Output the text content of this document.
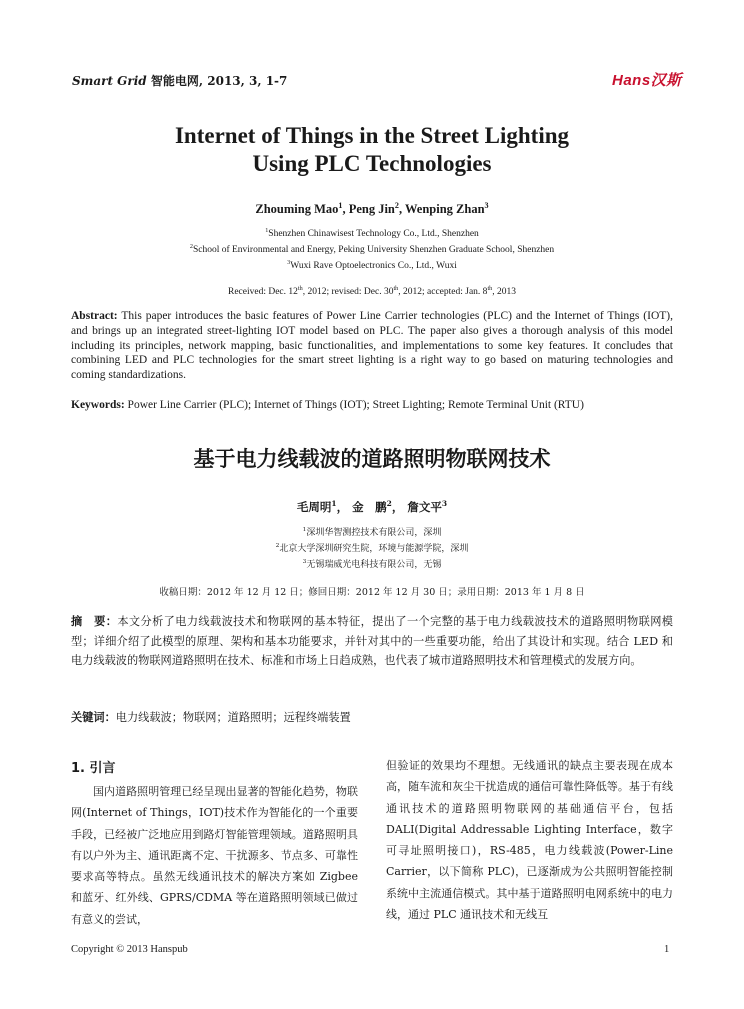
Smart Grid 智能电网, 2013, 3, 1-7	Hans汉斯
Internet of Things in the Street Lighting
Using PLC Technologies
Zhouming Mao$^1$, Peng Jin$^2$, Wenping Zhan$^3$
$^1$Shenzhen Chinawisest Technology Co., Ltd., Shenzhen
$^2$School of Environmental and Energy, Peking University Shenzhen Graduate School, Shenzhen
$^3$Wuxi Rave Optoelectronics Co., Ltd., Wuxi
Received: Dec. 12th, 2012; revised: Dec. 30th, 2012; accepted: Jan. 8th, 2013
Abstract: This paper introduces the basic features of Power Line Carrier technologies (PLC) and the Internet of Things (IOT), and brings up an integrated street-lighting IOT model based on PLC. The paper also gives a thorough analysis of this model including its principles, network mapping, basic functionalities, and implementations to some key features. It concludes that combining LED and PLC technologies for the smart street lighting is a right way to go based on maturing technologies and coming standardizations.
Keywords: Power Line Carrier (PLC); Internet of Things (IOT); Street Lighting; Remote Terminal Unit (RTU)
基于电力线载波的道路照明物联网技术
毛周明$^1$， 金　鹏$^2$， 詹文平$^3$
$^1$深圳华智测控技术有限公司，深圳
$^2$北京大学深圳研究生院，环境与能源学院，深圳
$^3$无锡瑞威光电科技有限公司，无锡
收稿日期：2012 年 12 月 12 日；修回日期：2012 年 12 月 30 日；录用日期：2013 年 1 月 8 日
摘　要：本文分析了电力线载波技术和物联网的基本特征，提出了一个完整的基于电力线载波技术的道路照明物联网模型；详细介绍了此模型的原理、架构和基本功能要求，并针对其中的一些重要功能，给出了其设计和实现。结合 LED 和电力线载波的物联网道路照明在技术、标准和市场上日趋成熟，也代表了城市道路照明技术和管理模式的发展方向。
关键词：电力线载波；物联网；道路照明；远程终端装置
1. 引言

国内道路照明管理已经呈现出显著的智能化趋势，物联网(Internet of Things，IOT)技术作为智能化的一个重要手段，已经被广泛地应用到路灯智能管理领域。道路照明具有以户外为主、通讯距离不定、干扰源多、节点多、可靠性要求高等特点。虽然无线通讯技术的解决方案如 Zigbee 和蓝牙、红外线、GPRS/CDMA 等在道路照明领域已做过有意义的尝试，

但验证的效果均不理想。无线通讯的缺点主要表现在成本高，随车流和灰尘干扰造成的通信可靠性降低等。基于有线通讯技术的道路照明物联网的基础通信平台，包括 DALI(Digital Addressable Lighting Interface，数字可寻址照明接口)，RS-485，电力线载波(Power-Line Carrier，以下简称 PLC)，已逐渐成为公共照明智能控制系统中主流通信模式。其中基于道路照明电网系统中的电力线，通过 PLC 通讯技术和无线互

Copyright © 2013 Hanspub	1
